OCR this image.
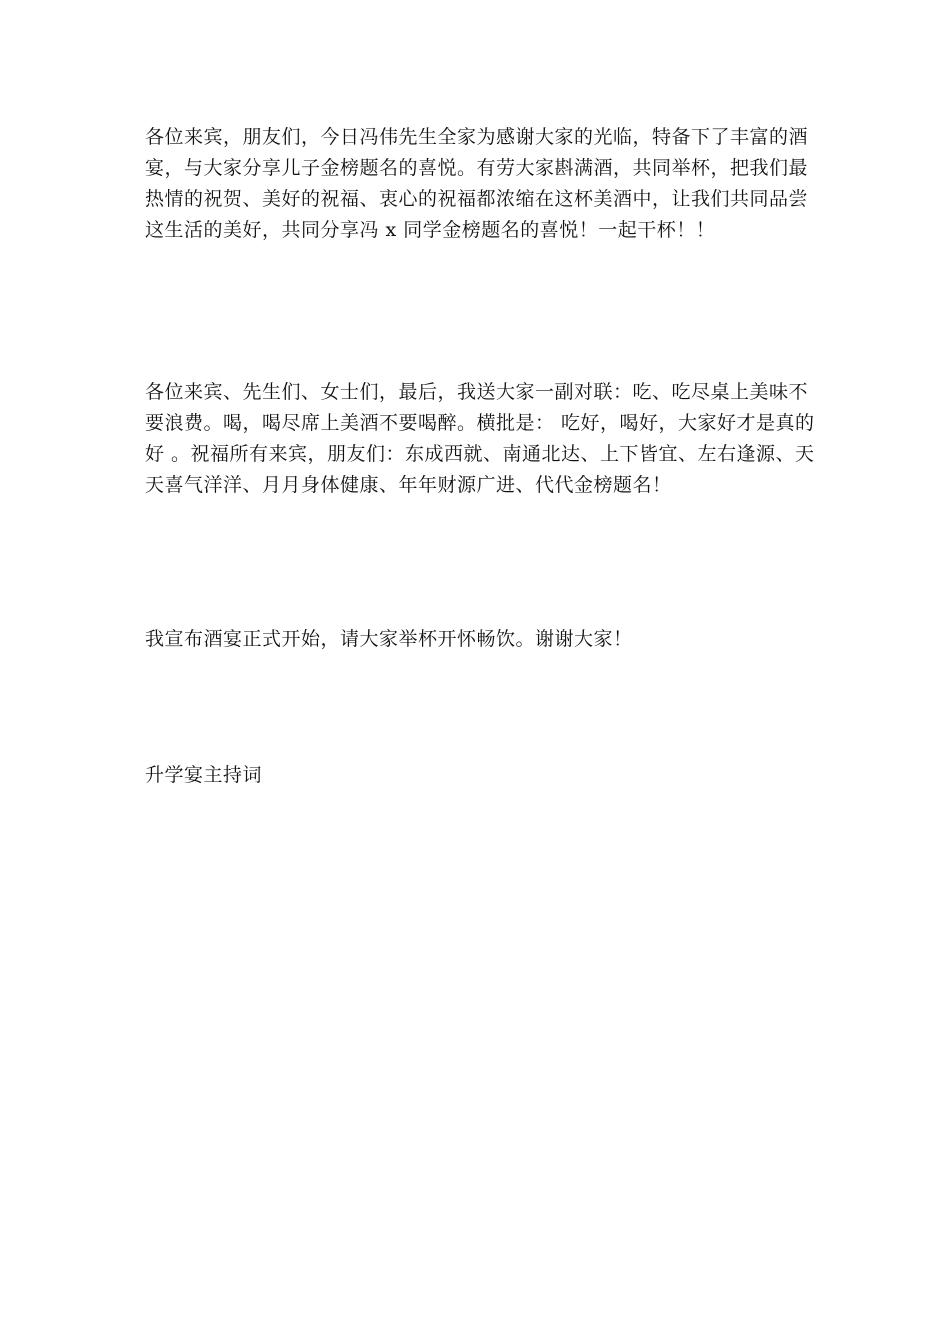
各位来宾，朋友们，今日冯伟先生全家为感谢大家的光临，特备下了丰富的酒
宴，与大家分享儿子金榜题名的喜悦。有劳大家斟满酒，共同举杯，把我们最
热情的祝贺、美好的祝福、衷心的祝福都浓缩在这杯美酒中，让我们共同品尝
这生活的美好，共同分享冯 x 同学金榜题名的喜悦！一起干杯！！

各位来宾、先生们、女士们，最后，我送大家一副对联：吃、吃尽桌上美味不
要浪费。喝，喝尽席上美酒不要喝醉。横批是： 吃好，喝好，大家好才是真的
好 。祝福所有来宾，朋友们：东成西就、南通北达、上下皆宜、左右逢源、天
天喜气洋洋、月月身体健康、年年财源广进、代代金榜题名！

我宣布酒宴正式开始，请大家举杯开怀畅饮。谢谢大家！

升学宴主持词
